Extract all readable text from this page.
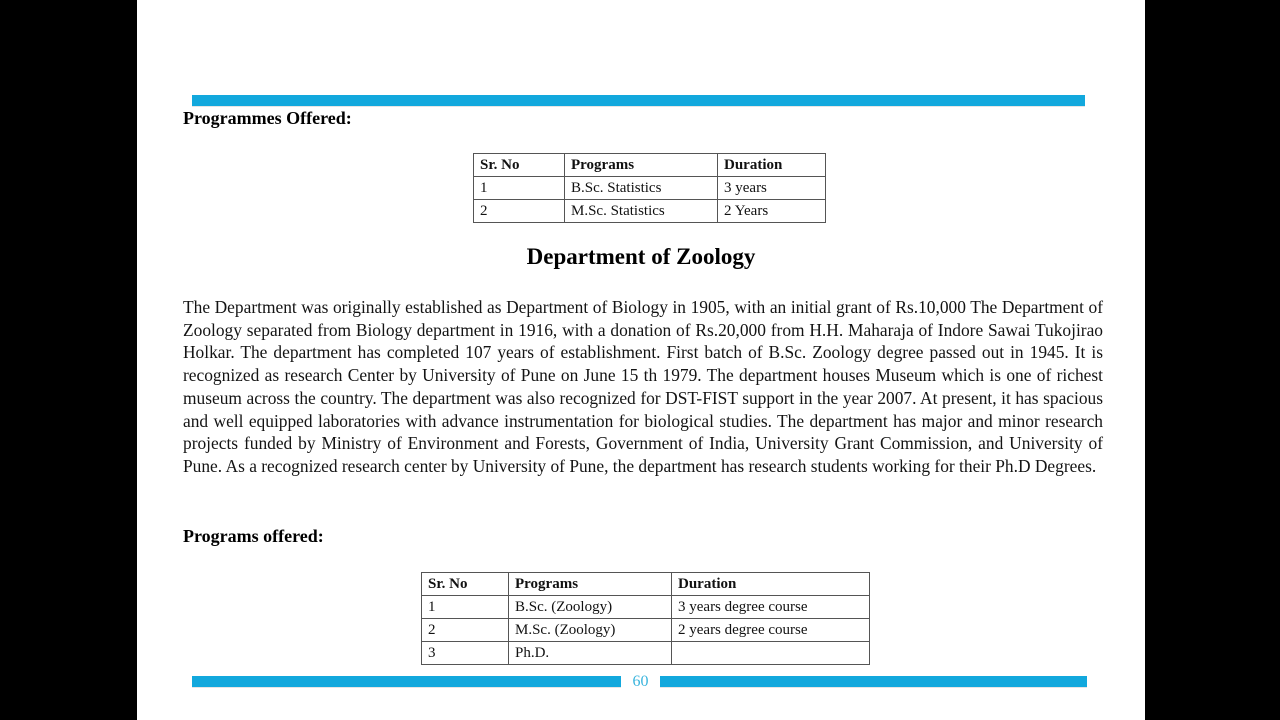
Programmes Offered:
Sr. No	Programs	Duration
1	B.Sc. Statistics	3 years
2	M.Sc. Statistics	2 Years
Department of Zoology
The Department was originally established as Department of Biology in 1905, with an initial grant of Rs.10,000 The Department of Zoology separated from Biology department in 1916, with a donation of Rs.20,000 from H.H. Maharaja of Indore Sawai Tukojirao Holkar. The department has completed 107 years of establishment. First batch of B.Sc. Zoology degree passed out in 1945. It is recognized as research Center by University of Pune on June 15 th 1979. The department houses Museum which is one of richest museum across the country. The department was also recognized for DST-FIST support in the year 2007. At present, it has spacious and well equipped laboratories with advance instrumentation for biological studies. The department has major and minor research projects funded by Ministry of Environment and Forests, Government of India, University Grant Commission, and University of Pune. As a recognized research center by University of Pune, the department has research students working for their Ph.D Degrees.
Programs offered:
Sr. No	Programs	Duration
1	B.Sc. (Zoology)	3 years degree course
2	M.Sc. (Zoology)	2 years degree course
3	Ph.D.	
60
